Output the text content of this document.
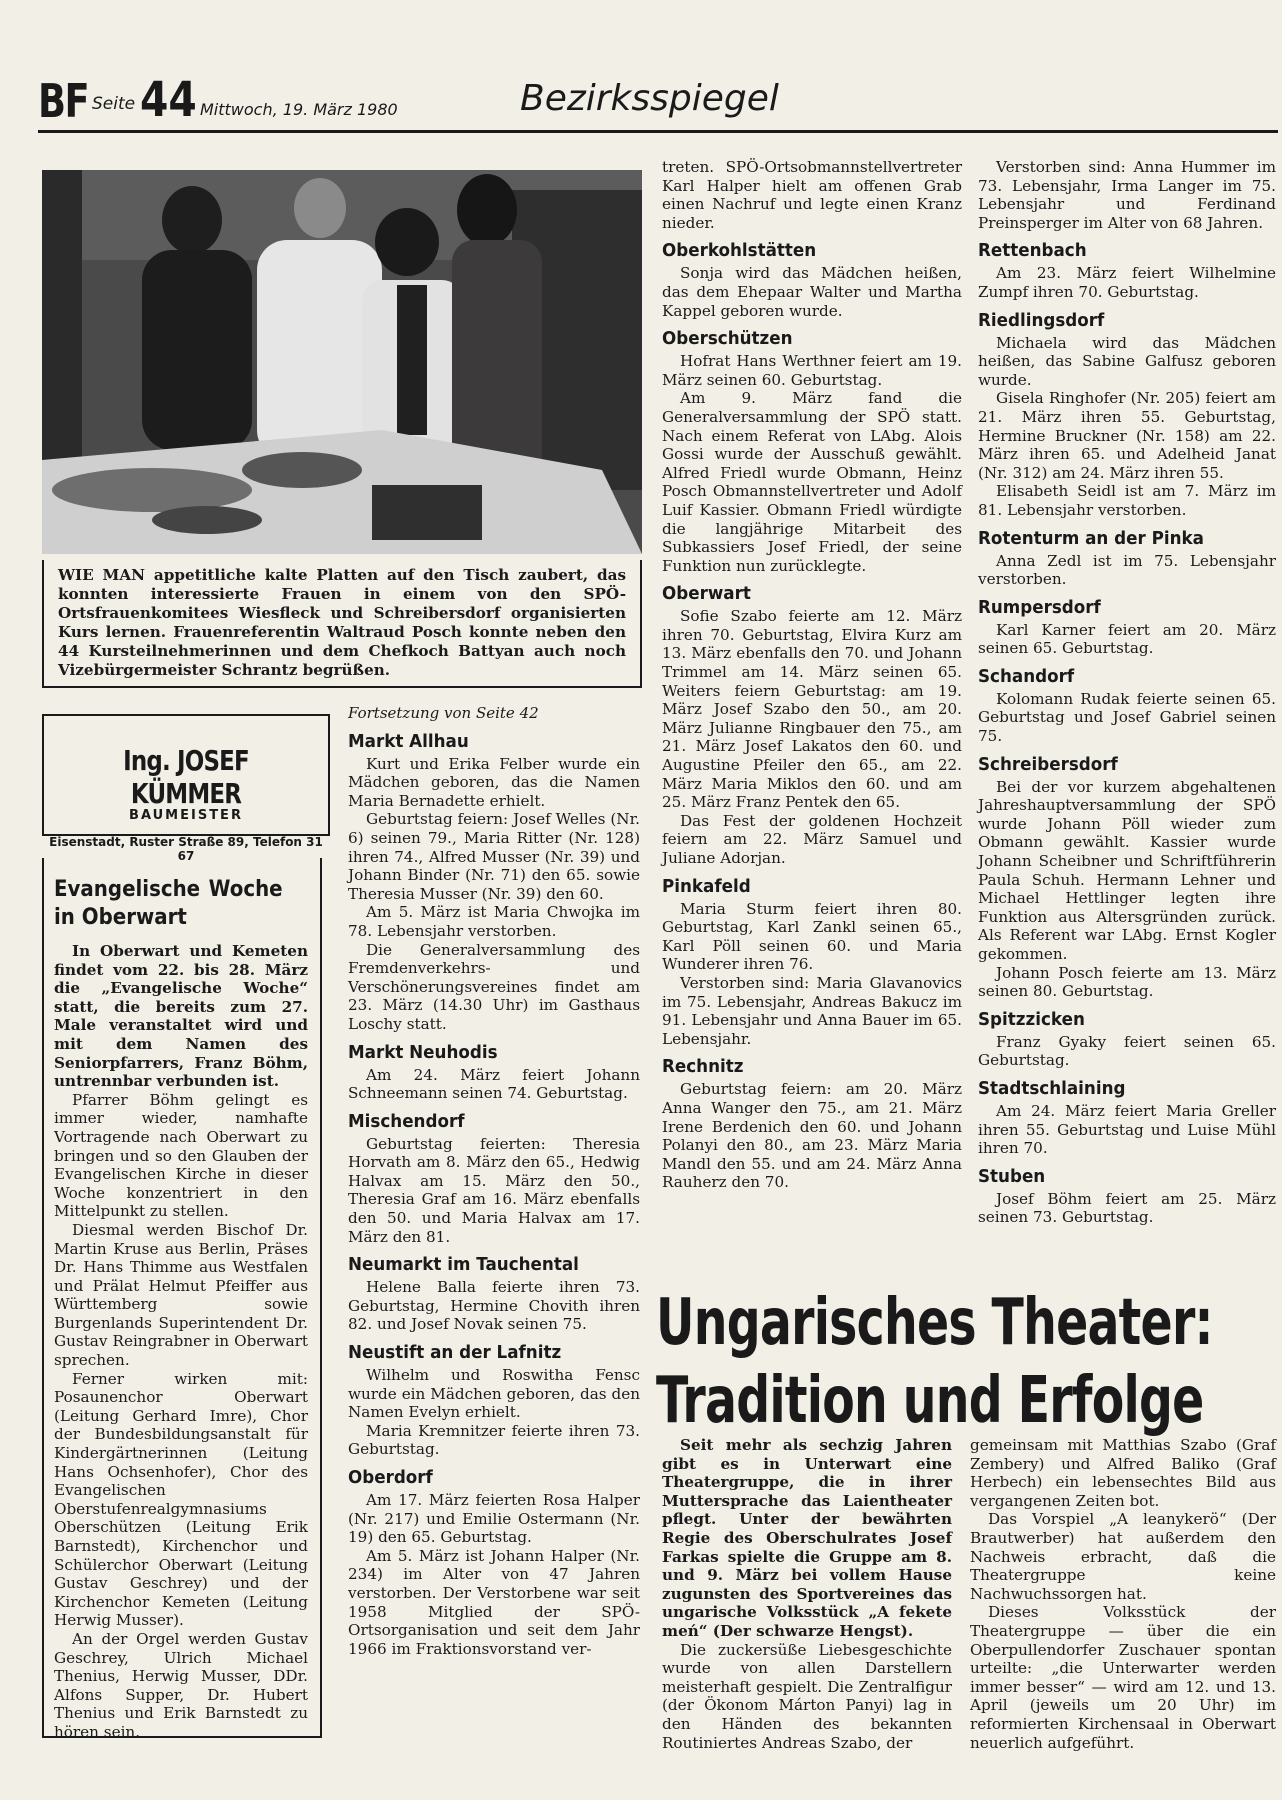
BF Seite 44 Mittwoch, 19. März 1980	Bezirksspiegel
WIE MAN appetitliche kalte Platten auf den Tisch zaubert, das konnten interessierte Frauen in einem von den SPÖ-Ortsfrauenkomitees Wiesfleck und Schreibersdorf organisierten Kurs lernen. Frauenreferentin Waltraud Posch konnte neben den 44 Kursteilnehmerinnen und dem Chefkoch Battyan auch noch Vizebürgermeister Schrantz begrüßen.
Ing. JOSEF KÜMMER
BAUMEISTER
Eisenstadt, Ruster Straße 89, Telefon 31 67
Evangelische Woche in Oberwart

In Oberwart und Kemeten findet vom 22. bis 28. März die „Evangelische Woche“ statt, die bereits zum 27. Male veranstaltet wird und mit dem Namen des Seniorpfarrers, Franz Böhm, untrennbar verbunden ist.

Pfarrer Böhm gelingt es immer wieder, namhafte Vortragende nach Oberwart zu bringen und so den Glauben der Evangelischen Kirche in dieser Woche konzentriert in den Mittelpunkt zu stellen.

Diesmal werden Bischof Dr. Martin Kruse aus Berlin, Präses Dr. Hans Thimme aus Westfalen und Prälat Helmut Pfeiffer aus Württemberg sowie Burgenlands Superintendent Dr. Gustav Reingrabner in Oberwart sprechen.

Ferner wirken mit: Posaunenchor Oberwart (Leitung Gerhard Imre), Chor der Bundesbildungsanstalt für Kindergärtnerinnen (Leitung Hans Ochsenhofer), Chor des Evangelischen Oberstufenrealgymnasiums Oberschützen (Leitung Erik Barnstedt), Kirchenchor und Schülerchor Oberwart (Leitung Gustav Geschrey) und der Kirchenchor Kemeten (Leitung Herwig Musser).

An der Orgel werden Gustav Geschrey, Ulrich Michael Thenius, Herwig Musser, DDr. Alfons Supper, Dr. Hubert Thenius und Erik Barnstedt zu hören sein.

Fortsetzung von Seite 42
Markt Allhau

Kurt und Erika Felber wurde ein Mädchen geboren, das die Namen Maria Bernadette erhielt.

Geburtstag feiern: Josef Welles (Nr. 6) seinen 79., Maria Ritter (Nr. 128) ihren 74., Alfred Musser (Nr. 39) und Johann Binder (Nr. 71) den 65. sowie Theresia Musser (Nr. 39) den 60.

Am 5. März ist Maria Chwojka im 78. Lebensjahr verstorben.

Die Generalversammlung des Fremdenverkehrs- und Verschönerungsvereines findet am 23. März (14.30 Uhr) im Gasthaus Loschy statt.

Markt Neuhodis

Am 24. März feiert Johann Schneemann seinen 74. Geburtstag.

Mischendorf

Geburtstag feierten: Theresia Horvath am 8. März den 65., Hedwig Halvax am 15. März den 50., Theresia Graf am 16. März ebenfalls den 50. und Maria Halvax am 17. März den 81.

Neumarkt im Tauchental

Helene Balla feierte ihren 73. Geburtstag, Hermine Chovith ihren 82. und Josef Novak seinen 75.

Neustift an der Lafnitz

Wilhelm und Roswitha Fensc wurde ein Mädchen geboren, das den Namen Evelyn erhielt.

Maria Kremnitzer feierte ihren 73. Geburtstag.

Oberdorf

Am 17. März feierten Rosa Halper (Nr. 217) und Emilie Ostermann (Nr. 19) den 65. Geburtstag.

Am 5. März ist Johann Halper (Nr. 234) im Alter von 47 Jahren verstorben. Der Verstorbene war seit 1958 Mitglied der SPÖ-Ortsorganisation und seit dem Jahr 1966 im Fraktionsvorstand ver-

treten. SPÖ-Ortsobmannstellvertreter Karl Halper hielt am offenen Grab einen Nachruf und legte einen Kranz nieder.

Oberkohlstätten

Sonja wird das Mädchen heißen, das dem Ehepaar Walter und Martha Kappel geboren wurde.

Oberschützen

Hofrat Hans Werthner feiert am 19. März seinen 60. Geburtstag.

Am 9. März fand die Generalversammlung der SPÖ statt. Nach einem Referat von LAbg. Alois Gossi wurde der Ausschuß gewählt. Alfred Friedl wurde Obmann, Heinz Posch Obmannstellvertreter und Adolf Luif Kassier. Obmann Friedl würdigte die langjährige Mitarbeit des Subkassiers Josef Friedl, der seine Funktion nun zurücklegte.

Oberwart

Sofie Szabo feierte am 12. März ihren 70. Geburtstag, Elvira Kurz am 13. März ebenfalls den 70. und Johann Trimmel am 14. März seinen 65. Weiters feiern Geburtstag: am 19. März Josef Szabo den 50., am 20. März Julianne Ringbauer den 75., am 21. März Josef Lakatos den 60. und Augustine Pfeiler den 65., am 22. März Maria Miklos den 60. und am 25. März Franz Pentek den 65.

Das Fest der goldenen Hochzeit feiern am 22. März Samuel und Juliane Adorjan.

Pinkafeld

Maria Sturm feiert ihren 80. Geburtstag, Karl Zankl seinen 65., Karl Pöll seinen 60. und Maria Wunderer ihren 76.

Verstorben sind: Maria Glavanovics im 75. Lebensjahr, Andreas Bakucz im 91. Lebensjahr und Anna Bauer im 65. Lebensjahr.

Rechnitz

Geburtstag feiern: am 20. März Anna Wanger den 75., am 21. März Irene Berdenich den 60. und Johann Polanyi den 80., am 23. März Maria Mandl den 55. und am 24. März Anna Rauherz den 70.

Verstorben sind: Anna Hummer im 73. Lebensjahr, Irma Langer im 75. Lebensjahr und Ferdinand Preinsperger im Alter von 68 Jahren.

Rettenbach

Am 23. März feiert Wilhelmine Zumpf ihren 70. Geburtstag.

Riedlingsdorf

Michaela wird das Mädchen heißen, das Sabine Galfusz geboren wurde.

Gisela Ringhofer (Nr. 205) feiert am 21. März ihren 55. Geburtstag, Hermine Bruckner (Nr. 158) am 22. März ihren 65. und Adelheid Janat (Nr. 312) am 24. März ihren 55.

Elisabeth Seidl ist am 7. März im 81. Lebensjahr verstorben.

Rotenturm an der Pinka

Anna Zedl ist im 75. Lebensjahr verstorben.

Rumpersdorf

Karl Karner feiert am 20. März seinen 65. Geburtstag.

Schandorf

Kolomann Rudak feierte seinen 65. Geburtstag und Josef Gabriel seinen 75.

Schreibersdorf

Bei der vor kurzem abgehaltenen Jahreshauptversammlung der SPÖ wurde Johann Pöll wieder zum Obmann gewählt. Kassier wurde Johann Scheibner und Schriftführerin Paula Schuh. Hermann Lehner und Michael Hettlinger legten ihre Funktion aus Altersgründen zurück. Als Referent war LAbg. Ernst Kogler gekommen.

Johann Posch feierte am 13. März seinen 80. Geburtstag.

Spitzzicken

Franz Gyaky feiert seinen 65. Geburtstag.

Stadtschlaining

Am 24. März feiert Maria Greller ihren 55. Geburtstag und Luise Mühl ihren 70.

Stuben

Josef Böhm feiert am 25. März seinen 73. Geburtstag.

Ungarisches Theater:
Tradition und Erfolge

Seit mehr als sechzig Jahren gibt es in Unterwart eine Theatergruppe, die in ihrer Muttersprache das Laientheater pflegt. Unter der bewährten Regie des Oberschulrates Josef Farkas spielte die Gruppe am 8. und 9. März bei vollem Hause zugunsten des Sportvereines das ungarische Volksstück „A fekete meń“ (Der schwarze Hengst).

Die zuckersüße Liebesgeschichte wurde von allen Darstellern meisterhaft gespielt. Die Zentralfigur (der Ökonom Márton Panyi) lag in den Händen des bekannten Routiniertes Andreas Szabo, der

gemeinsam mit Matthias Szabo (Graf Zembery) und Alfred Baliko (Graf Herbech) ein lebensechtes Bild aus vergangenen Zeiten bot.

Das Vorspiel „A leanykerö“ (Der Brautwerber) hat außerdem den Nachweis erbracht, daß die Theatergruppe keine Nachwuchssorgen hat.

Dieses Volksstück der Theatergruppe — über die ein Oberpullendorfer Zuschauer spontan urteilte: „die Unterwarter werden immer besser“ — wird am 12. und 13. April (jeweils um 20 Uhr) im reformierten Kirchensaal in Oberwart neuerlich aufgeführt.
